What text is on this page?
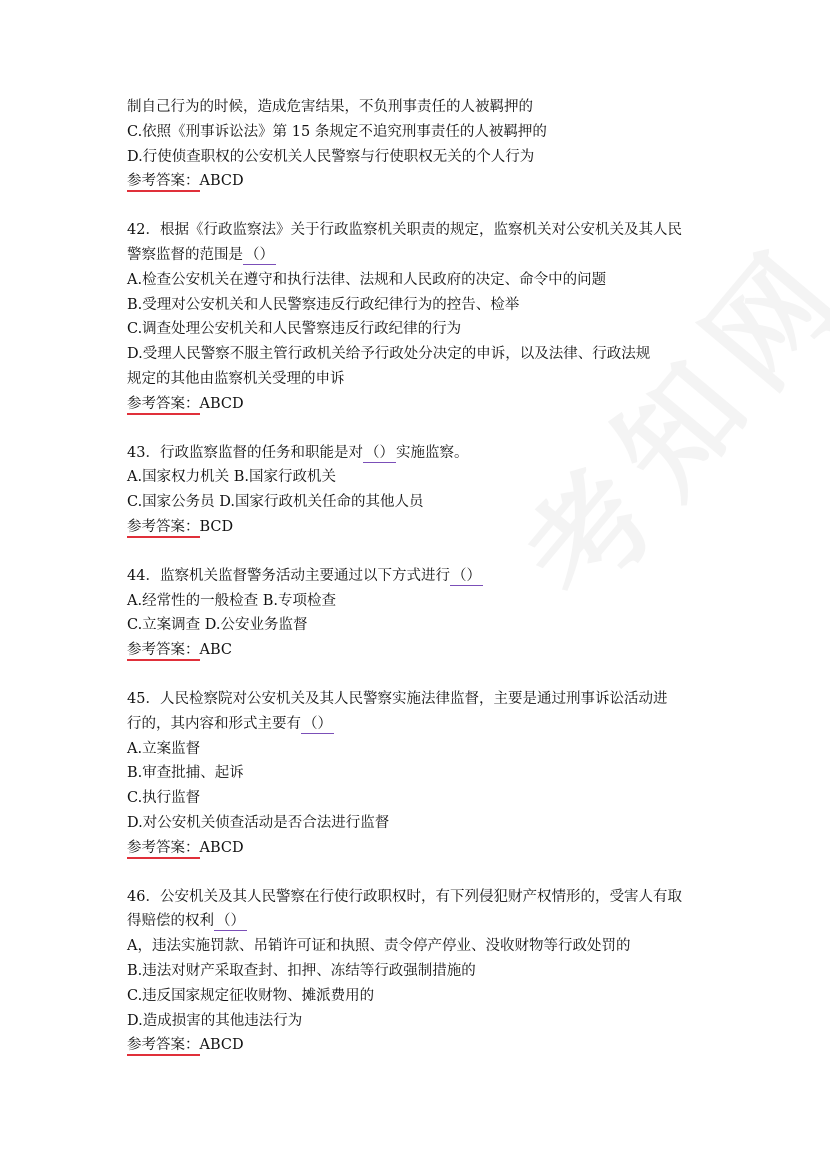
制自己行为的时候，造成危害结果，不负刑事责任的人被羁押的
C.依照《刑事诉讼法》第 15 条规定不追究刑事责任的人被羁押的
D.行使侦查职权的公安机关人民警察与行使职权无关的个人行为
参考答案：ABCD
42．根据《行政监察法》关于行政监察机关职责的规定，监察机关对公安机关及其人民
警察监督的范围是 （）
A.检查公安机关在遵守和执行法律、法规和人民政府的决定、命令中的问题
B.受理对公安机关和人民警察违反行政纪律行为的控告、检举
C.调查处理公安机关和人民警察违反行政纪律的行为
D.受理人民警察不服主管行政机关给予行政处分决定的申诉，以及法律、行政法规
规定的其他由监察机关受理的申诉
参考答案：ABCD
43．行政监察监督的任务和职能是对 （） 实施监察。
A.国家权力机关 B.国家行政机关
C.国家公务员 D.国家行政机关任命的其他人员
参考答案：BCD
44．监察机关监督警务活动主要通过以下方式进行 （）
A.经常性的一般检查 B.专项检查
C.立案调查 D.公安业务监督
参考答案：ABC
45．人民检察院对公安机关及其人民警察实施法律监督，主要是通过刑事诉讼活动进
行的，其内容和形式主要有 （）
A.立案监督
B.审查批捕、起诉
C.执行监督
D.对公安机关侦查活动是否合法进行监督
参考答案：ABCD
46．公安机关及其人民警察在行使行政职权时，有下列侵犯财产权情形的，受害人有取
得赔偿的权利 （）
A，违法实施罚款、吊销许可证和执照、责令停产停业、没收财物等行政处罚的
B.违法对财产采取查封、扣押、冻结等行政强制措施的
C.违反国家规定征收财物、摊派费用的
D.造成损害的其他违法行为
参考答案：ABCD
